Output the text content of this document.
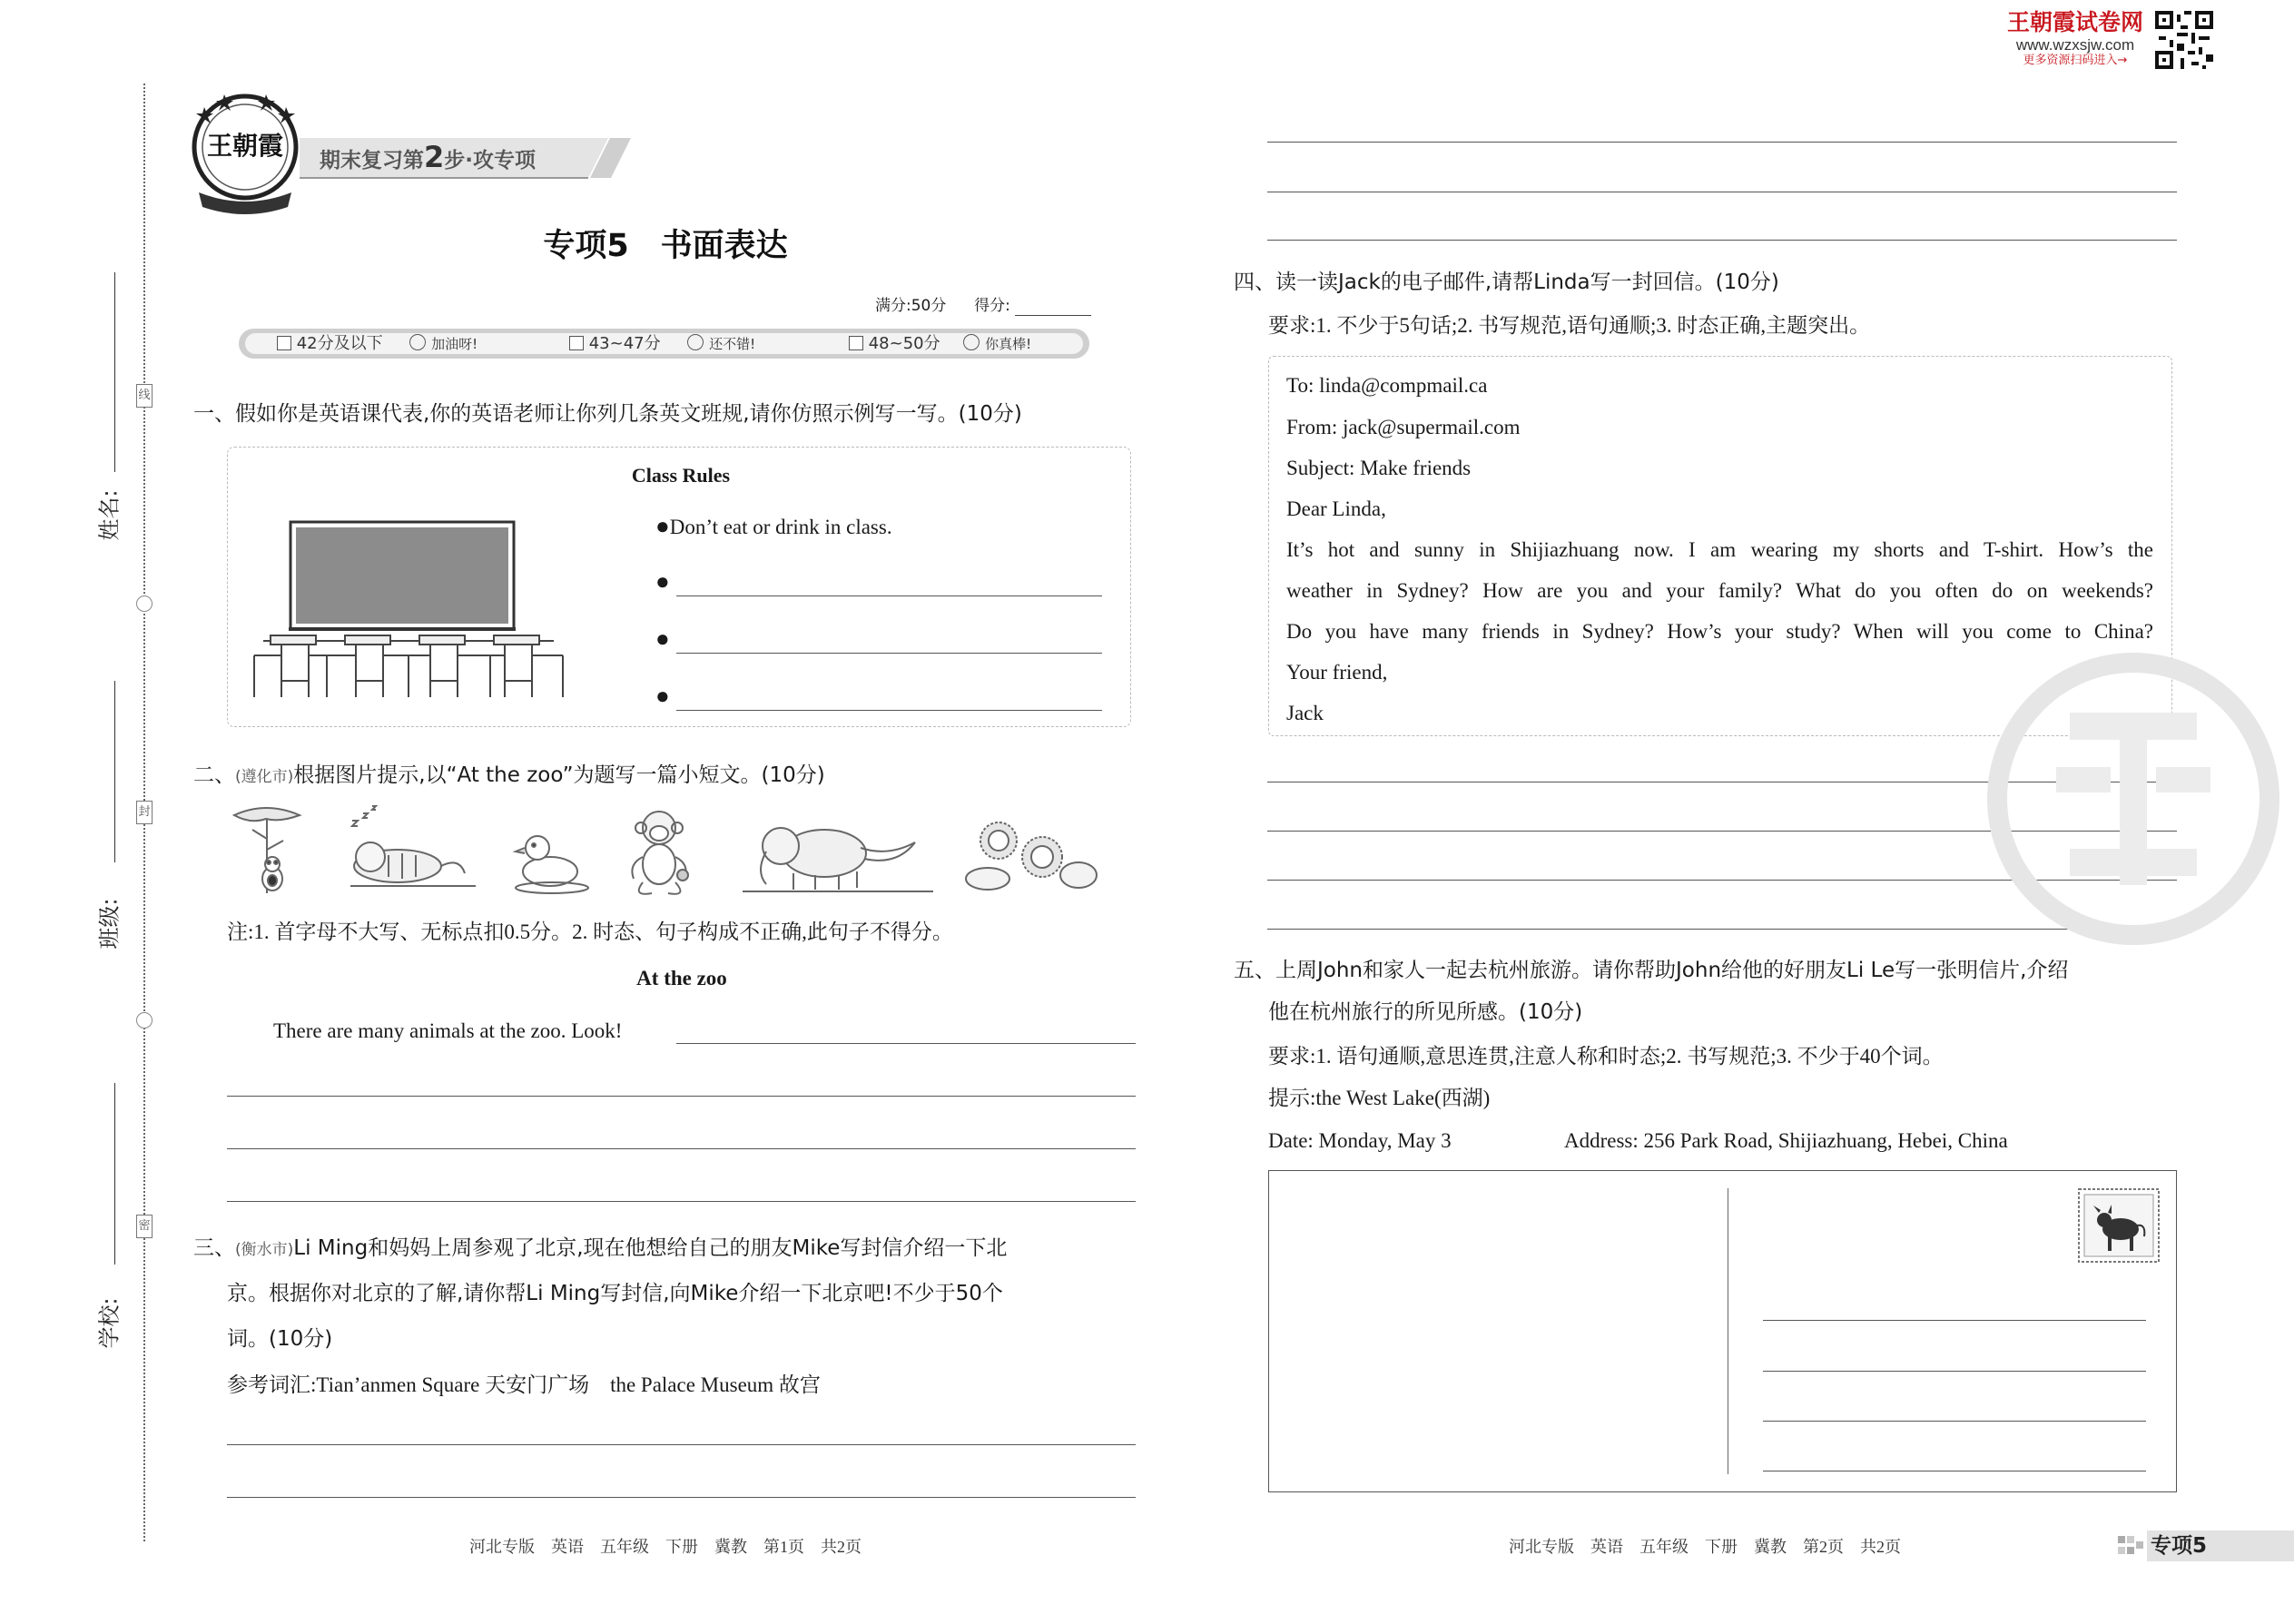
线
封
密
姓名:
班级:
学校:
王朝霞 期末复习第2步·攻专项
王朝霞试卷网
www.wzxsjw.com
更多资源扫码进入→
专项5　书面表达
满分:50分 得分:
42分及以下	加油呀!	43~47分	还不错!	48~50分	你真棒!
一、假如你是英语课代表,你的英语老师让你列几条英文班规,请你仿照示例写一写。(10分)
Class Rules
●Don’t eat or drink in class.
●
●
●
二、(遵化市)根据图片提示,以“At the zoo”为题写一篇小短文。(10分)
注:1. 首字母不大写、无标点扣0.5分。2. 时态、句子构成不正确,此句子不得分。
At the zoo
There are many animals at the zoo. Look!
三、(衡水市)Li Ming和妈妈上周参观了北京,现在他想给自己的朋友Mike写封信介绍一下北
京。根据你对北京的了解,请你帮Li Ming写封信,向Mike介绍一下北京吧!不少于50个
词。(10分)
参考词汇:Tian’anmen Square 天安门广场　the Palace Museum 故宫
河北专版　英语　五年级　下册　冀教　第1页　共2页
四、读一读Jack的电子邮件,请帮Linda写一封回信。(10分)
要求:1. 不少于5句话;2. 书写规范,语句通顺;3. 时态正确,主题突出。
To: linda@compmail.ca
From: jack@supermail.com
Subject: Make friends
Dear Linda,
It’s hot and sunny in Shijiazhuang now. I am wearing my shorts and T-shirt. How’s the
weather in Sydney? How are you and your family? What do you often do on weekends?
Do you have many friends in Sydney? How’s your study? When will you come to China?
Your friend,
Jack
五、上周John和家人一起去杭州旅游。请你帮助John给他的好朋友Li Le写一张明信片,介绍
他在杭州旅行的所见所感。(10分)
要求:1. 语句通顺,意思连贯,注意人称和时态;2. 书写规范;3. 不少于40个词。
提示:the West Lake(西湖)
Date: Monday, May 3	Address: 256 Park Road, Shijiazhuang, Hebei, China
河北专版　英语　五年级　下册　冀教　第2页　共2页	专项5
